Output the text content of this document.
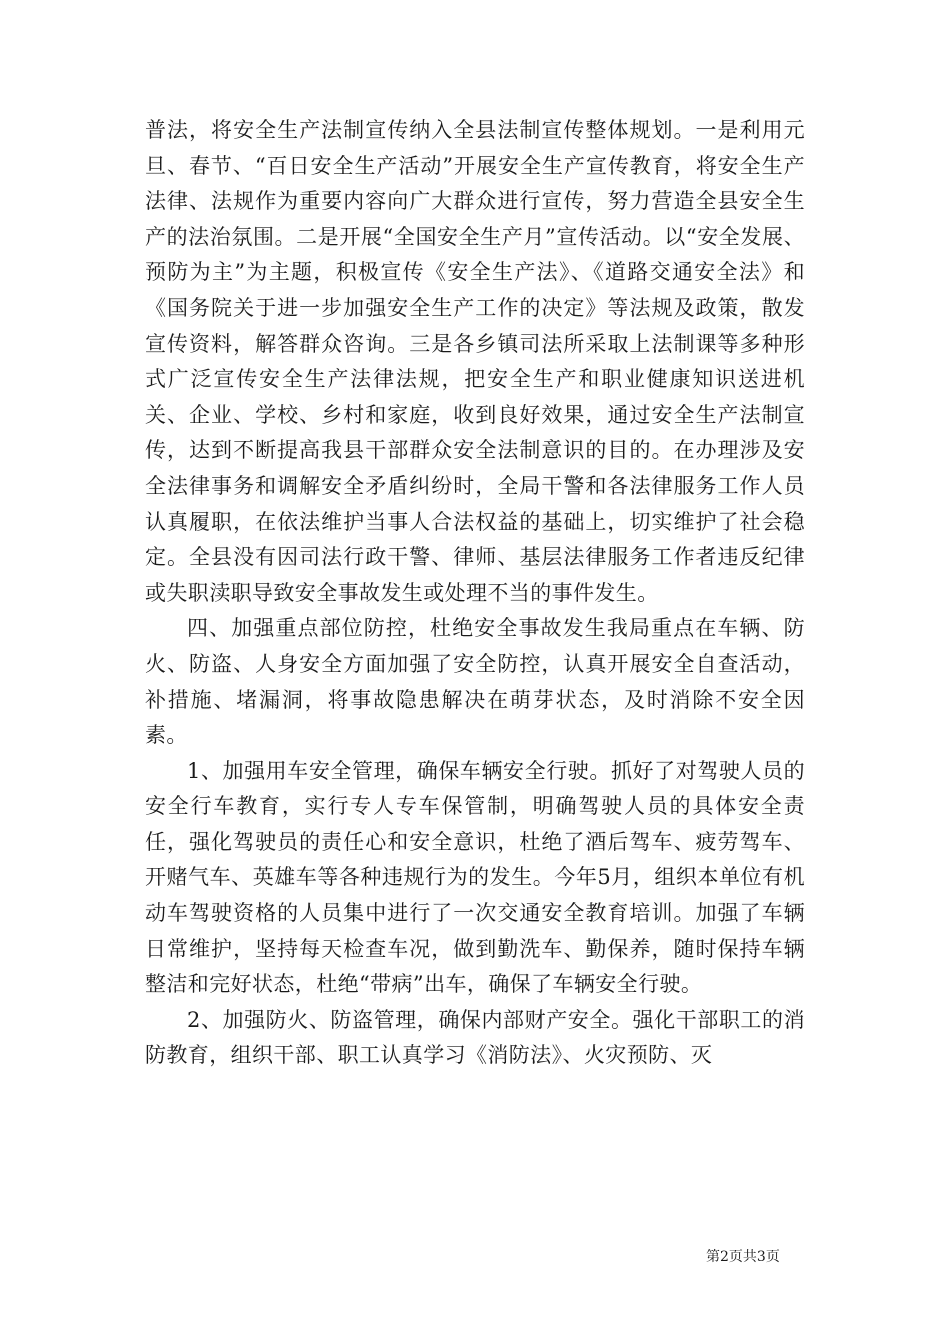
普法，将安全生产法制宣传纳入全县法制宣传整体规划。一是利用元旦、春节、“百日安全生产活动”开展安全生产宣传教育，将安全生产法律、法规作为重要内容向广大群众进行宣传，努力营造全县安全生产的法治氛围。二是开展“全国安全生产月”宣传活动。以“安全发展、预防为主”为主题，积极宣传《安全生产法》、《道路交通安全法》和《国务院关于进一步加强安全生产工作的决定》等法规及政策，散发宣传资料，解答群众咨询。三是各乡镇司法所采取上法制课等多种形式广泛宣传安全生产法律法规，把安全生产和职业健康知识送进机关、企业、学校、乡村和家庭，收到良好效果，通过安全生产法制宣传，达到不断提高我县干部群众安全法制意识的目的。在办理涉及安全法律事务和调解安全矛盾纠纷时，全局干警和各法律服务工作人员认真履职，在依法维护当事人合法权益的基础上，切实维护了社会稳定。全县没有因司法行政干警、律师、基层法律服务工作者违反纪律或失职渎职导致安全事故发生或处理不当的事件发生。

四、加强重点部位防控，杜绝安全事故发生我局重点在车辆、防火、防盗、人身安全方面加强了安全防控，认真开展安全自查活动，补措施、堵漏洞，将事故隐患解决在萌芽状态，及时消除不安全因素。

1、加强用车安全管理，确保车辆安全行驶。抓好了对驾驶人员的安全行车教育，实行专人专车保管制，明确驾驶人员的具体安全责任，强化驾驶员的责任心和安全意识，杜绝了酒后驾车、疲劳驾车、开赌气车、英雄车等各种违规行为的发生。今年5月，组织本单位有机动车驾驶资格的人员集中进行了一次交通安全教育培训。加强了车辆日常维护，坚持每天检查车况，做到勤洗车、勤保养，随时保持车辆整洁和完好状态，杜绝“带病”出车，确保了车辆安全行驶。

2、加强防火、防盗管理，确保内部财产安全。强化干部职工的消防教育，组织干部、职工认真学习《消防法》、火灾预防、灭

第2页共3页
